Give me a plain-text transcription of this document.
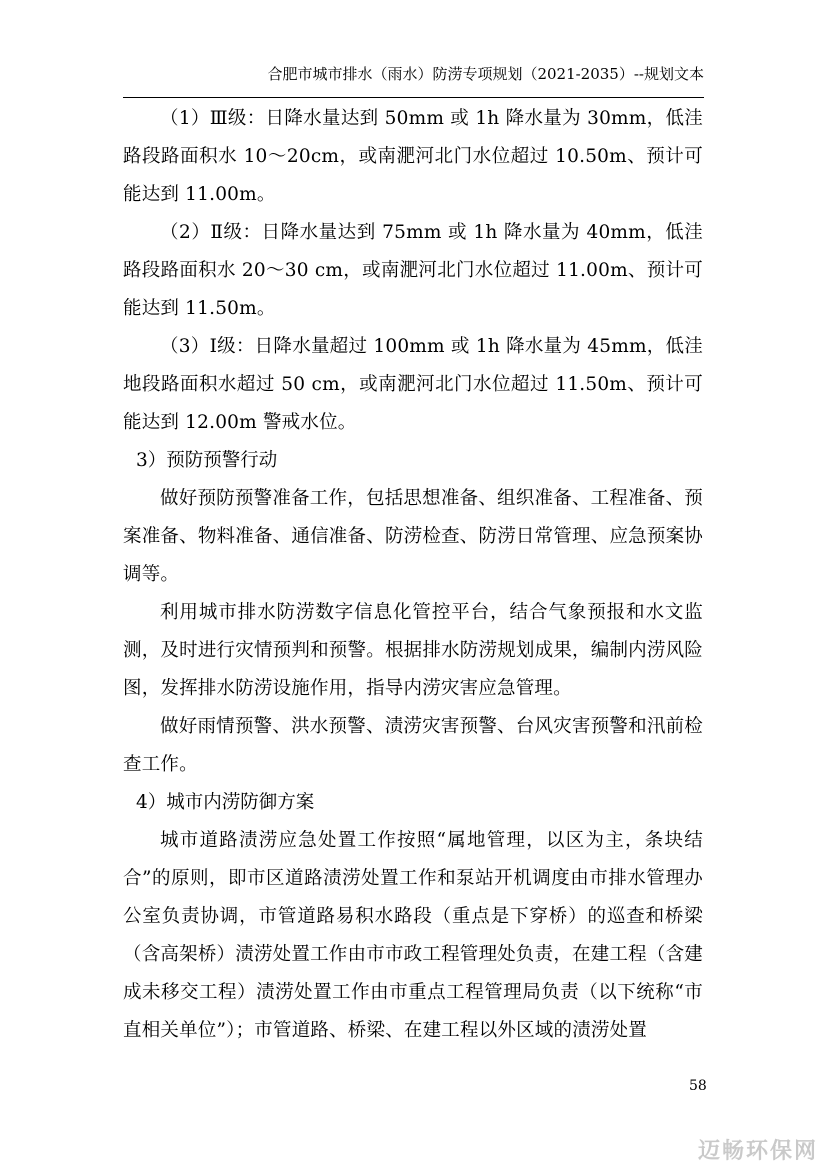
合肥市城市排水（雨水）防涝专项规划（2021-2035）--规划文本

（1）Ⅲ级：日降水量达到 50mm 或 1h 降水量为 30mm，低洼路段路面积水 10～20cm，或南淝河北门水位超过 10.50m、预计可能达到 11.00m。

（2）Ⅱ级：日降水量达到 75mm 或 1h 降水量为 40mm，低洼路段路面积水 20～30 cm，或南淝河北门水位超过 11.00m、预计可能达到 11.50m。

（3）Ⅰ级：日降水量超过 100mm 或 1h 降水量为 45mm，低洼地段路面积水超过 50 cm，或南淝河北门水位超过 11.50m、预计可能达到 12.00m 警戒水位。

3）预防预警行动

做好预防预警准备工作，包括思想准备、组织准备、工程准备、预案准备、物料准备、通信准备、防涝检查、防涝日常管理、应急预案协调等。

利用城市排水防涝数字信息化管控平台，结合气象预报和水文监测，及时进行灾情预判和预警。根据排水防涝规划成果，编制内涝风险图，发挥排水防涝设施作用，指导内涝灾害应急管理。

做好雨情预警、洪水预警、渍涝灾害预警、台风灾害预警和汛前检查工作。

4）城市内涝防御方案

城市道路渍涝应急处置工作按照“属地管理，以区为主，条块结合”的原则，即市区道路渍涝处置工作和泵站开机调度由市排水管理办公室负责协调，市管道路易积水路段（重点是下穿桥）的巡查和桥梁（含高架桥）渍涝处置工作由市市政工程管理处负责，在建工程（含建成未移交工程）渍涝处置工作由市重点工程管理局负责（以下统称“市直相关单位”）；市管道路、桥梁、在建工程以外区域的渍涝处置

58
迈畅环保网
